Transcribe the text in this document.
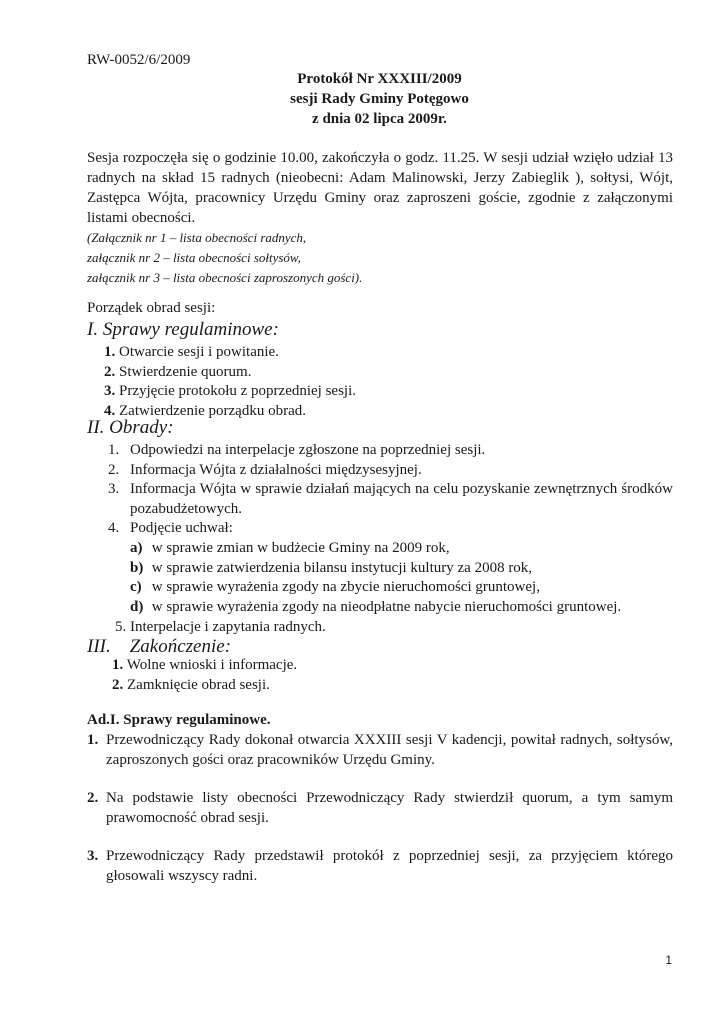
RW-0052/6/2009
Protokół Nr XXXIII/2009
sesji Rady Gminy Potęgowo
z dnia 02 lipca 2009r.

Sesja rozpoczęła się o godzinie 10.00, zakończyła o godz. 11.25. W sesji udział wzięło udział 13 radnych na skład 15 radnych (nieobecni: Adam Malinowski, Jerzy Zabieglik ), sołtysi, Wójt, Zastępca Wójta, pracownicy Urzędu Gminy oraz zaproszeni goście, zgodnie z załączonymi listami obecności.

(Załącznik nr 1 – lista obecności radnych,
załącznik nr 2 – lista obecności sołtysów,
załącznik nr 3 – lista obecności zaproszonych gości).
Porządek obrad sesji:
I. Sprawy regulaminowe:
1. Otwarcie sesji i powitanie.
2. Stwierdzenie quorum.
3. Przyjęcie protokołu z poprzedniej sesji.
4. Zatwierdzenie porządku obrad.
II. Obrady:
1. Odpowiedzi na interpelacje zgłoszone na poprzedniej sesji.
2. Informacja Wójta z działalności międzysesyjnej.
3. Informacja Wójta w sprawie działań mających na celu pozyskanie zewnętrznych środków pozabudżetowych.
4. Podjęcie uchwał:
a) w sprawie zmian w budżecie Gminy na 2009 rok,
b) w sprawie zatwierdzenia bilansu instytucji kultury za 2008 rok,
c) w sprawie wyrażenia zgody na zbycie nieruchomości gruntowej,
d) w sprawie wyrażenia zgody na nieodpłatne nabycie nieruchomości gruntowej.
5. Interpelacje i zapytania radnych.
III.    Zakończenie:
1. Wolne wnioski i informacje.
2. Zamknięcie obrad sesji.
Ad.I. Sprawy regulaminowe.
1. Przewodniczący Rady dokonał otwarcia XXXIII sesji V kadencji, powitał radnych, sołtysów, zaproszonych gości oraz pracowników Urzędu Gminy.
2. Na podstawie listy obecności Przewodniczący Rady stwierdził quorum, a tym samym prawomocność obrad sesji.
3. Przewodniczący Rady przedstawił protokół z poprzedniej sesji, za przyjęciem którego głosowali wszyscy radni.
1
